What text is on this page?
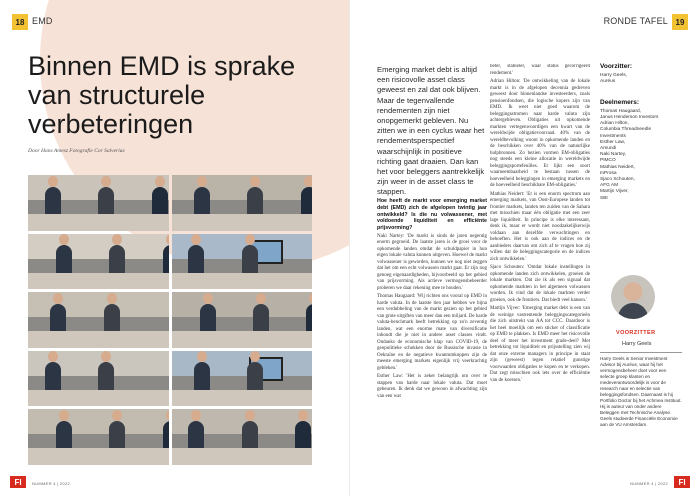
18 EMD
Binnen EMD is sprake van structurele verbeteringen
Door Hans Amesz Fotografie Cor Salverius
FI	NUMMER 4 | 2022
RONDE TAFEL 19
FI
NUMMER 4 | 2022

Emerging market debt is altijd een risicovolle asset class geweest en zal dat ook blijven. Maar de tegenvallende rendementen zijn niet onopgemerkt gebleven. Nu zitten we in een cyclus waar het rendementsperspectief waarschijnlijk in positieve richting gaat draaien. Dan kan het voor beleggers aantrekkelijk zijn weer in de asset class te stappen.

Hoe heeft de markt voor emerging market debt (EMD) zich de afgelopen twintig jaar ontwikkeld? Is die nu volwassener, met voldoende liquiditeit en efficiënte prijsvorming?

Naki Nartey: 'De markt is sinds de jaren negentig enorm gegroeid. De laatste jaren is de groei voor de opkomende landen omdat de schuldpapier in hun eigen lokale valuta kunnen uitgeven. Hoewel de markt volwassener is geworden, kunnen we nog niet zeggen dat het om een echt volwassen markt gaat. Er zijn nog genoeg eigenaardigheden, bijvoorbeeld op het gebied van prijsvorming. Als actieve vermogensbeheerder proberen we daar rekening mee te houden.'

Thomas Haugaard: 'Wij richten ons vooral op EMD in harde valuta. In de laatste tien jaar hebben we bijna een verdubbeling van de markt gezien op het gebied van grote uitgiften van meer dan een miljard. De harde valuta-benchmark heeft betrekking op zo'n zeventig landen, wat een enorme mate van diversificatie inhoudt die je niet in andere asset classes vindt. Ondanks de economische klap van COVID-19, de geopolitieke schokken door de Russische invasie in Oekraïne en de negatieve kwantumkoppen zijn de meeste emerging markets eigenlijk vrij veerkrachtig gebleken.'

Esther Law: 'Het is zeker belangrijk om over te stappen van harde naar lokale valuta. Dat moet gebeuren. Ik denk dat we gewoon in afwachting zijn van een wat

beter, stabieler, waar status gecorrigeerd rendement.'

Adrian Hilton: 'De ontwikkeling van de lokale markt is in de afgelopen decennia gedreven geweest door binnenlandse investeerders, zoals pensioenfondsen, die logische kopers zijn van EMD. Ik weet niet goed waarom de beleggingsstromen naar harde valuta zijn achtergebleven. Obligaties uit opkomende markten vertegenwoordigen een kwart van de wereldwijde obligatievoorraad. 40% van de wereldbevolking woont in opkomende landen en de beschikken over 40% van de natuurlijke hulpbronnen. Zo bezien vormen EM-obligaties nog steeds een kleine allocatie in wereldwijde beleggingsportefeuilles. Er lijkt een soort waarneembaarheid te bestaan tussen de hoeveelheid beleggingen in emerging markets en de hoeveelheid beschikbare EM-obligaties.'

Mathias Neidert: 'Er is een enorm spectrum aan emerging markets, van Oost-Europese landen tot frontier markets, landen ten zuiden van de Sahara met misschien maar één obligatie met een zeer lage liquiditeit. In principe is elke interessant, denk ik, maar er wordt niet noodzakelijkerwijs voldaan aan dezelfde verwachtingen en behoeften. Het is ook aan de indices en de aanbieders daarvan om zich af te vragen hoe zij willen dat de beleggingscategorie en de indices zich ontwikkelen.'

Sjaco Schouten: 'Omdat lokale instellingen in opkomende landen zich ontwikkelen, groeien de lokale markten. Dat zie ik als een signaal dat opkomende markten in het algemeen volwassen worden. Ik vind dat de lokale markten verder groeien, ook de frontiers. Dat biedt veel kansen.'

Martijn Vijver: 'Emerging market debt is een van de weinige vastrentende beleggingscategorieën die zich uitstrekt van AA tot CCC. Daardoor is het heel moeilijk om een sticker of classificatie op EMD te plakken. Is EMD meer het risicovolle deel of meer het investment grade-deel? Met betrekking tot liquiditeit en prijsstelling zien wij dat onze externe managers in principe in staat zijn (geweest) tegen relatief gunstige voorwaarden obligaties te kopen en te verkopen. Dat zegt misschien ook iets over de efficiëntie van de koersen.'

Voorzitter:
Harry Geels,
Auréus
Deelnemers:
Thomas Haugaard,
Janus Henderson Investors
Adrian Hilton,
Columbia Threadneedle
Investments
Esther Law,
Amundi
Naki Nartey,
PIMCO
Mathias Neidert,
InProsa
Sjaco Schouten,
AFG AM
Martijn Vijver,
SBI
VOORZITTER
Harry Geels
Harry Geels is Senior Investment Advisor bij Auréus, waar hij het vermogensbeheer doet voor een selecte groep klanten en medeverantwoordelijk is voor de research naar en selectie van beleggingsfondsen. Daarnaast is hij Portfolio Doctor bij het Achmea Instituut. Hij is auteur van onder andere Beleggen met Technische Analyse. Geels studeerde Financiële Economie aan de VU Amsterdam.
